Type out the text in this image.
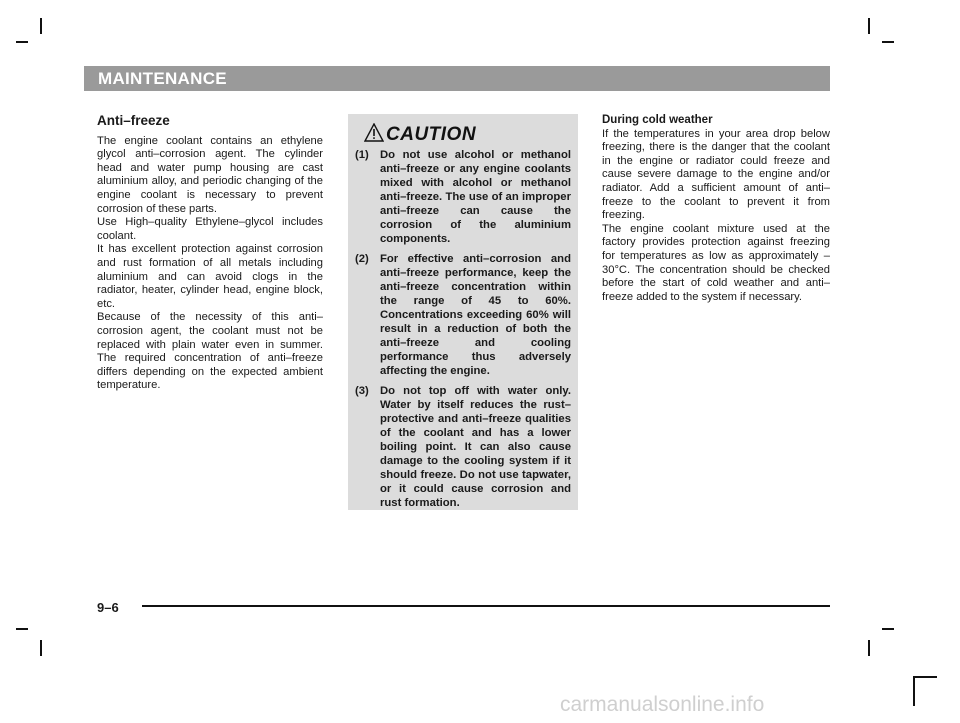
MAINTENANCE

Anti–freeze

The engine coolant contains an ethylene glycol anti–corrosion agent. The cylinder head and water pump housing are cast aluminium alloy, and periodic changing of the engine coolant is necessary to prevent corrosion of these parts.

Use High–quality Ethylene–glycol includes coolant.

It has excellent protection against corrosion and rust formation of all metals including aluminium and can avoid clogs in the radiator, heater, cylinder head, engine block, etc.

Because of the necessity of this anti–corrosion agent, the coolant must not be replaced with plain water even in summer. The required concentration of anti–freeze differs depending on the expected ambient temperature.

CAUTION
(1) Do not use alcohol or methanol anti–freeze or any engine coolants mixed with alcohol or methanol anti–freeze. The use of an improper anti–freeze can cause the corrosion of the aluminium components.
(2) For effective anti–corrosion and anti–freeze performance, keep the anti–freeze concentration within the range of 45 to 60%. Concentrations exceeding 60% will result in a reduction of both the anti–freeze and cooling performance thus adversely affecting the engine.
(3) Do not top off with water only. Water by itself reduces the rust–protective and anti–freeze qualities of the coolant and has a lower boiling point. It can also cause damage to the cooling system if it should freeze. Do not use tapwater, or it could cause corrosion and rust formation.

During cold weather

If the temperatures in your area drop below freezing, there is the danger that the coolant in the engine or radiator could freeze and cause severe damage to the engine and/or radiator. Add a sufficient amount of anti–freeze to the coolant to prevent it from freezing.

The engine coolant mixture used at the factory provides protection against freezing for temperatures as low as approximately –30°C. The concentration should be checked before the start of cold weather and anti–freeze added to the system if necessary.

9–6
carmanualsonline.info
